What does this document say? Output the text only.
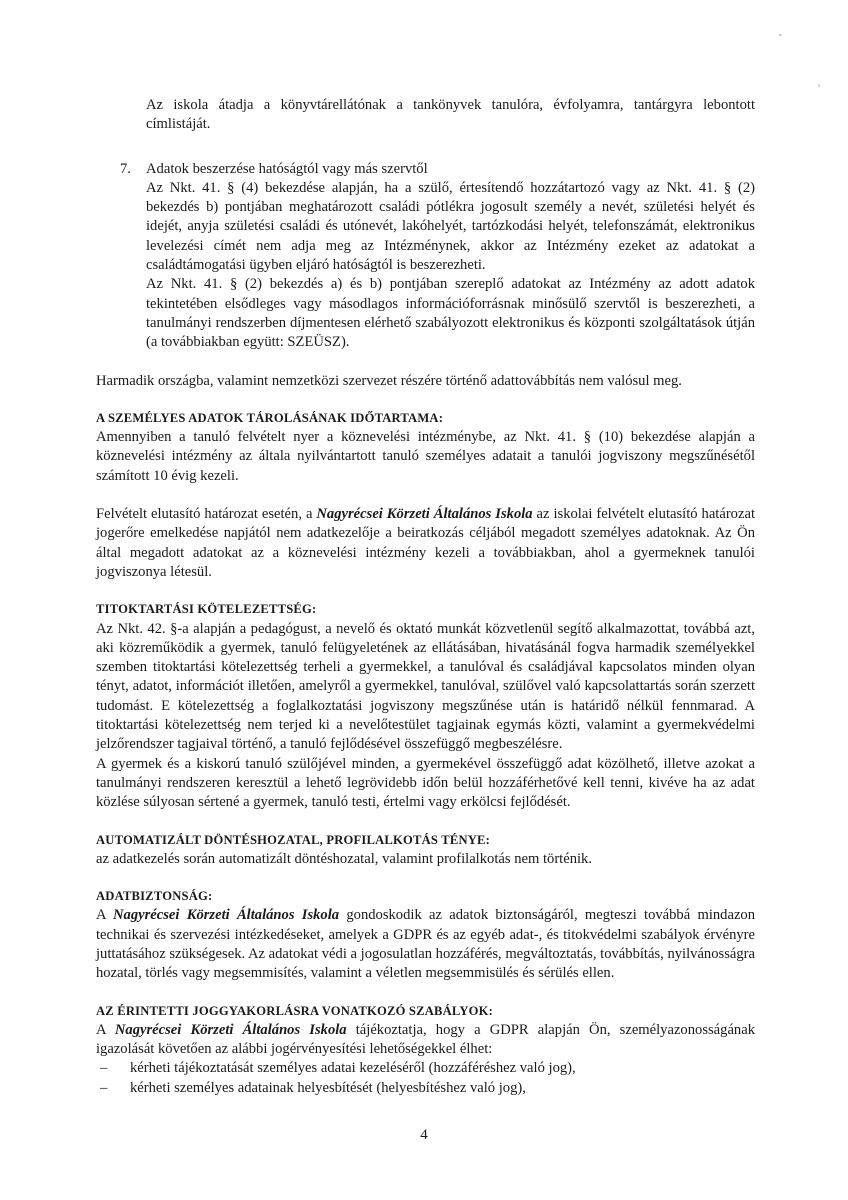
Az iskola átadja a könyvtárellátónak a tankönyvek tanulóra, évfolyamra, tantárgyra lebontott címlistáját.

7.	Adatok beszerzése hatóságtól vagy más szervtől

Az Nkt. 41. § (4) bekezdése alapján, ha a szülő, értesítendő hozzátartozó vagy az Nkt. 41. § (2) bekezdés b) pontjában meghatározott családi pótlékra jogosult személy a nevét, születési helyét és idejét, anyja születési családi és utónevét, lakóhelyét, tartózkodási helyét, telefonszámát, elektronikus levelezési címét nem adja meg az Intézménynek, akkor az Intézmény ezeket az adatokat a családtámogatási ügyben eljáró hatóságtól is beszerezheti.

Az Nkt. 41. § (2) bekezdés a) és b) pontjában szereplő adatokat az Intézmény az adott adatok tekintetében elsődleges vagy másodlagos információforrásnak minősülő szervtől is beszerezheti, a tanulmányi rendszerben díjmentesen elérhető szabályozott elektronikus és központi szolgáltatások útján (a továbbiakban együtt: SZEÜSZ).

Harmadik országba, valamint nemzetközi szervezet részére történő adattovábbítás nem valósul meg.

A SZEMÉLYES ADATOK TÁROLÁSÁNAK IDŐTARTAMA:

Amennyiben a tanuló felvételt nyer a köznevelési intézménybe, az Nkt. 41. § (10) bekezdése alapján a köznevelési intézmény az általa nyilvántartott tanuló személyes adatait a tanulói jogviszony megszűnésétől számított 10 évig kezeli.

Felvételt elutasító határozat esetén, a Nagyrécsei Körzeti Általános Iskola az iskolai felvételt elutasító határozat jogerőre emelkedése napjától nem adatkezelője a beiratkozás céljából megadott személyes adatoknak. Az Ön által megadott adatokat az a köznevelési intézmény kezeli a továbbiakban, ahol a gyermeknek tanulói jogviszonya létesül.

TITOKTARTÁSI KÖTELEZETTSÉG:

Az Nkt. 42. §-a alapján a pedagógust, a nevelő és oktató munkát közvetlenül segítő alkalmazottat, továbbá azt, aki közreműködik a gyermek, tanuló felügyeletének az ellátásában, hivatásánál fogva harmadik személyekkel szemben titoktartási kötelezettség terheli a gyermekkel, a tanulóval és családjával kapcsolatos minden olyan tényt, adatot, információt illetően, amelyről a gyermekkel, tanulóval, szülővel való kapcsolattartás során szerzett tudomást. E kötelezettség a foglalkoztatási jogviszony megszűnése után is határidő nélkül fennmarad. A titoktartási kötelezettség nem terjed ki a nevelőtestület tagjainak egymás közti, valamint a gyermekvédelmi jelzőrendszer tagjaival történő, a tanuló fejlődésével összefüggő megbeszélésre.

A gyermek és a kiskorú tanuló szülőjével minden, a gyermekével összefüggő adat közölhető, illetve azokat a tanulmányi rendszeren keresztül a lehető legrövidebb időn belül hozzáférhetővé kell tenni, kivéve ha az adat közlése súlyosan sértené a gyermek, tanuló testi, értelmi vagy erkölcsi fejlődését.

AUTOMATIZÁLT DÖNTÉSHOZATAL, PROFILALKOTÁS TÉNYE:

az adatkezelés során automatizált döntéshozatal, valamint profilalkotás nem történik.

ADATBIZTONSÁG:

A Nagyrécsei Körzeti Általános Iskola gondoskodik az adatok biztonságáról, megteszi továbbá mindazon technikai és szervezési intézkedéseket, amelyek a GDPR és az egyéb adat-, és titokvédelmi szabályok érvényre juttatásához szükségesek. Az adatokat védi a jogosulatlan hozzáférés, megváltoztatás, továbbítás, nyilvánosságra hozatal, törlés vagy megsemmisítés, valamint a véletlen megsemmisülés és sérülés ellen.

AZ ÉRINTETTI JOGGYAKORLÁSRA VONATKOZÓ SZABÁLYOK:

A Nagyrécsei Körzeti Általános Iskola tájékoztatja, hogy a GDPR alapján Ön, személyazonosságának igazolását követően az alábbi jogérvényesítési lehetőségekkel élhet:

–	kérheti tájékoztatását személyes adatai kezeléséről (hozzáféréshez való jog),
–	kérheti személyes adatainak helyesbítését (helyesbítéshez való jog),
4
